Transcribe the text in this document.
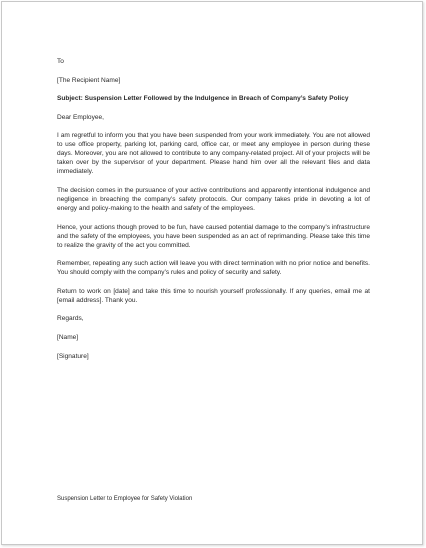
To

[The Recipient Name]

Subject: Suspension Letter Followed by the Indulgence in Breach of Company’s Safety Policy

Dear Employee,

I am regretful to inform you that you have been suspended from your work immediately. You are not allowed to use office property, parking lot, parking card, office car, or meet any employee in person during these days. Moreover, you are not allowed to contribute to any company-related project. All of your projects will be taken over by the supervisor of your department. Please hand him over all the relevant files and data immediately.

The decision comes in the pursuance of your active contributions and apparently intentional indulgence and negligence in breaching the company’s safety protocols. Our company takes pride in devoting a lot of energy and policy-making to the health and safety of the employees.

Hence, your actions though proved to be fun, have caused potential damage to the company’s infrastructure and the safety of the employees, you have been suspended as an act of reprimanding. Please take this time to realize the gravity of the act you committed.

Remember, repeating any such action will leave you with direct termination with no prior notice and benefits. You should comply with the company’s rules and policy of security and safety.

Return to work on [date] and take this time to nourish yourself professionally. If any queries, email me at [email address]. Thank you.

Regards,

[Name]

[Signature]

Suspension Letter to Employee for Safety Violation
